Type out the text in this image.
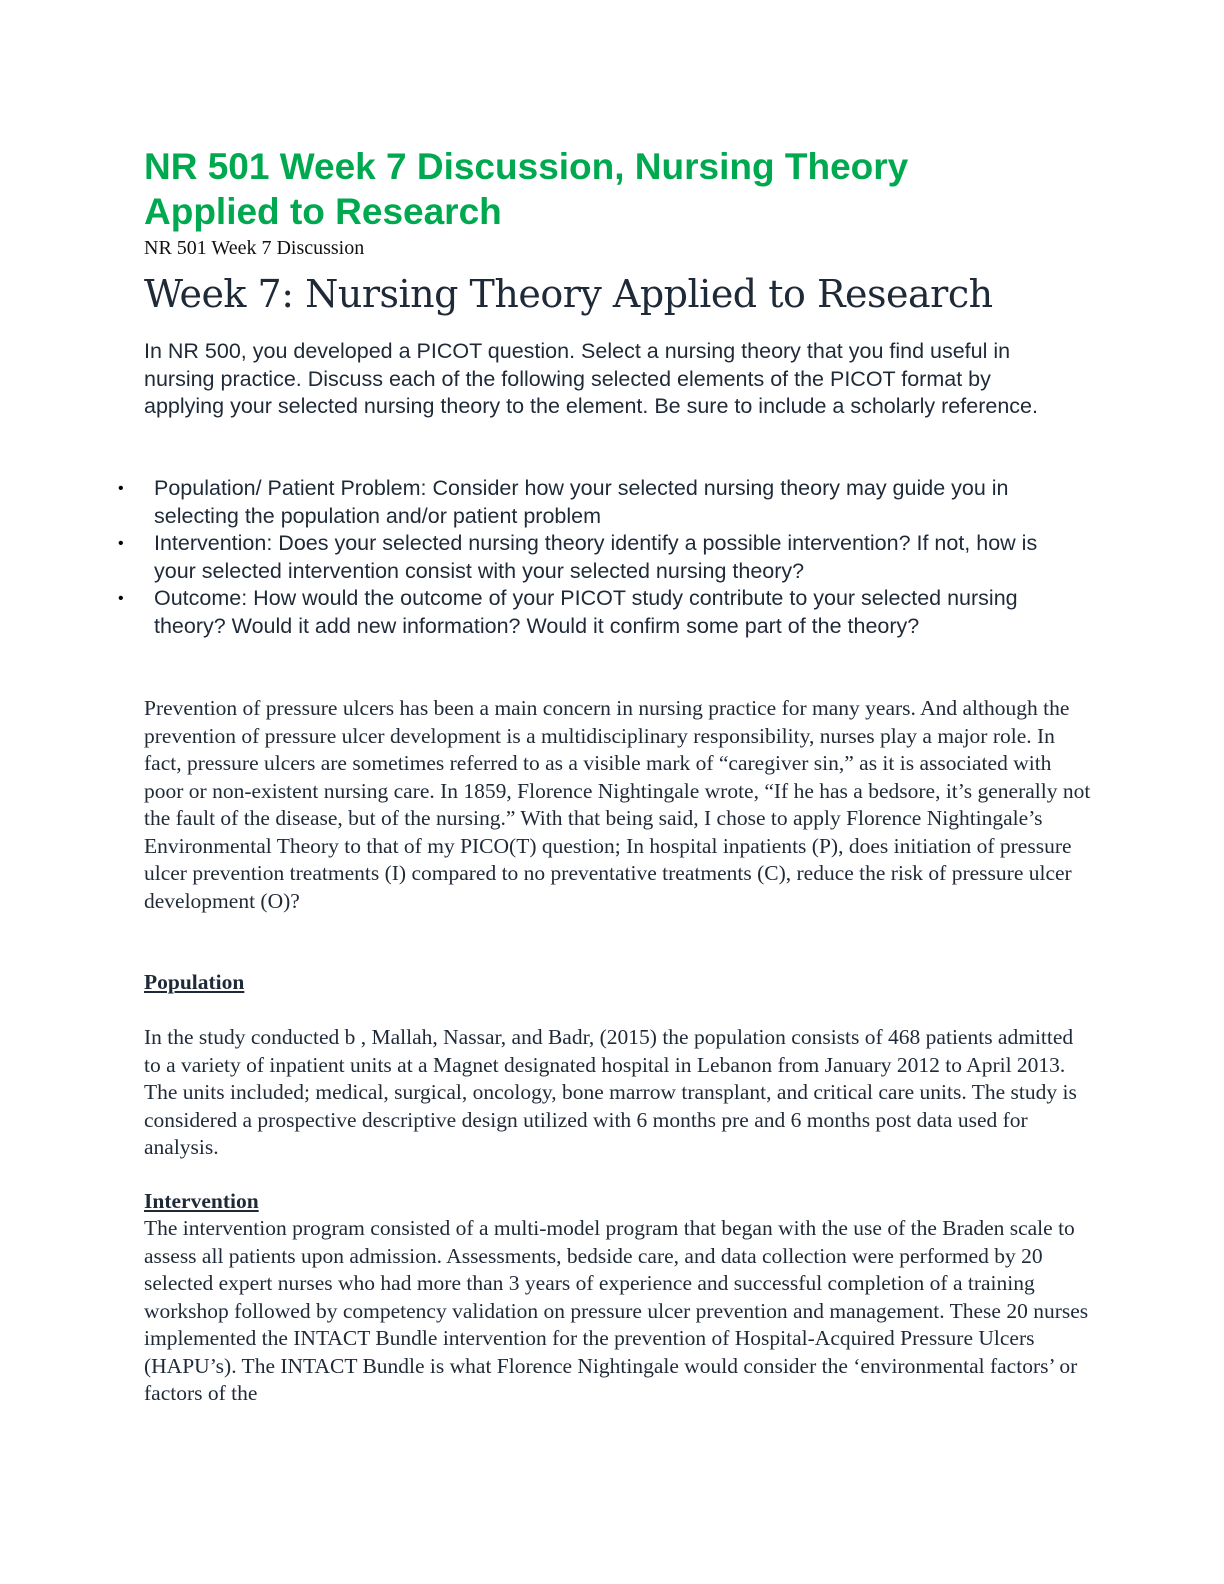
NR 501 Week 7 Discussion, Nursing Theory Applied to Research

NR 501 Week 7 Discussion

Week 7: Nursing Theory Applied to Research

In NR 500, you developed a PICOT question. Select a nursing theory that you find useful in nursing practice. Discuss each of the following selected elements of the PICOT format by applying your selected nursing theory to the element. Be sure to include a scholarly reference.

• Population/ Patient Problem: Consider how your selected nursing theory may guide you in selecting the population and/or patient problem
• Intervention: Does your selected nursing theory identify a possible intervention? If not, how is your selected intervention consist with your selected nursing theory?
• Outcome: How would the outcome of your PICOT study contribute to your selected nursing theory? Would it add new information? Would it confirm some part of the theory?

Prevention of pressure ulcers has been a main concern in nursing practice for many years. And although the prevention of pressure ulcer development is a multidisciplinary responsibility, nurses play a major role. In fact, pressure ulcers are sometimes referred to as a visible mark of “caregiver sin,” as it is associated with poor or non-existent nursing care. In 1859, Florence Nightingale wrote, “If he has a bedsore, it’s generally not the fault of the disease, but of the nursing.” With that being said, I chose to apply Florence Nightingale’s Environmental Theory to that of my PICO(T) question; In hospital inpatients (P), does initiation of pressure ulcer prevention treatments (I) compared to no preventative treatments (C), reduce the risk of pressure ulcer development (O)?

Population

In the study conducted b , Mallah, Nassar, and Badr, (2015) the population consists of 468 patients admitted to a variety of inpatient units at a Magnet designated hospital in Lebanon from January 2012 to April 2013. The units included; medical, surgical, oncology, bone marrow transplant, and critical care units. The study is considered a prospective descriptive design utilized with 6 months pre and 6 months post data used for analysis.

Intervention

The intervention program consisted of a multi-model program that began with the use of the Braden scale to assess all patients upon admission. Assessments, bedside care, and data collection were performed by 20 selected expert nurses who had more than 3 years of experience and successful completion of a training workshop followed by competency validation on pressure ulcer prevention and management. These 20 nurses implemented the INTACT Bundle intervention for the prevention of Hospital-Acquired Pressure Ulcers (HAPU’s). The INTACT Bundle is what Florence Nightingale would consider the ‘environmental factors’ or factors of the
